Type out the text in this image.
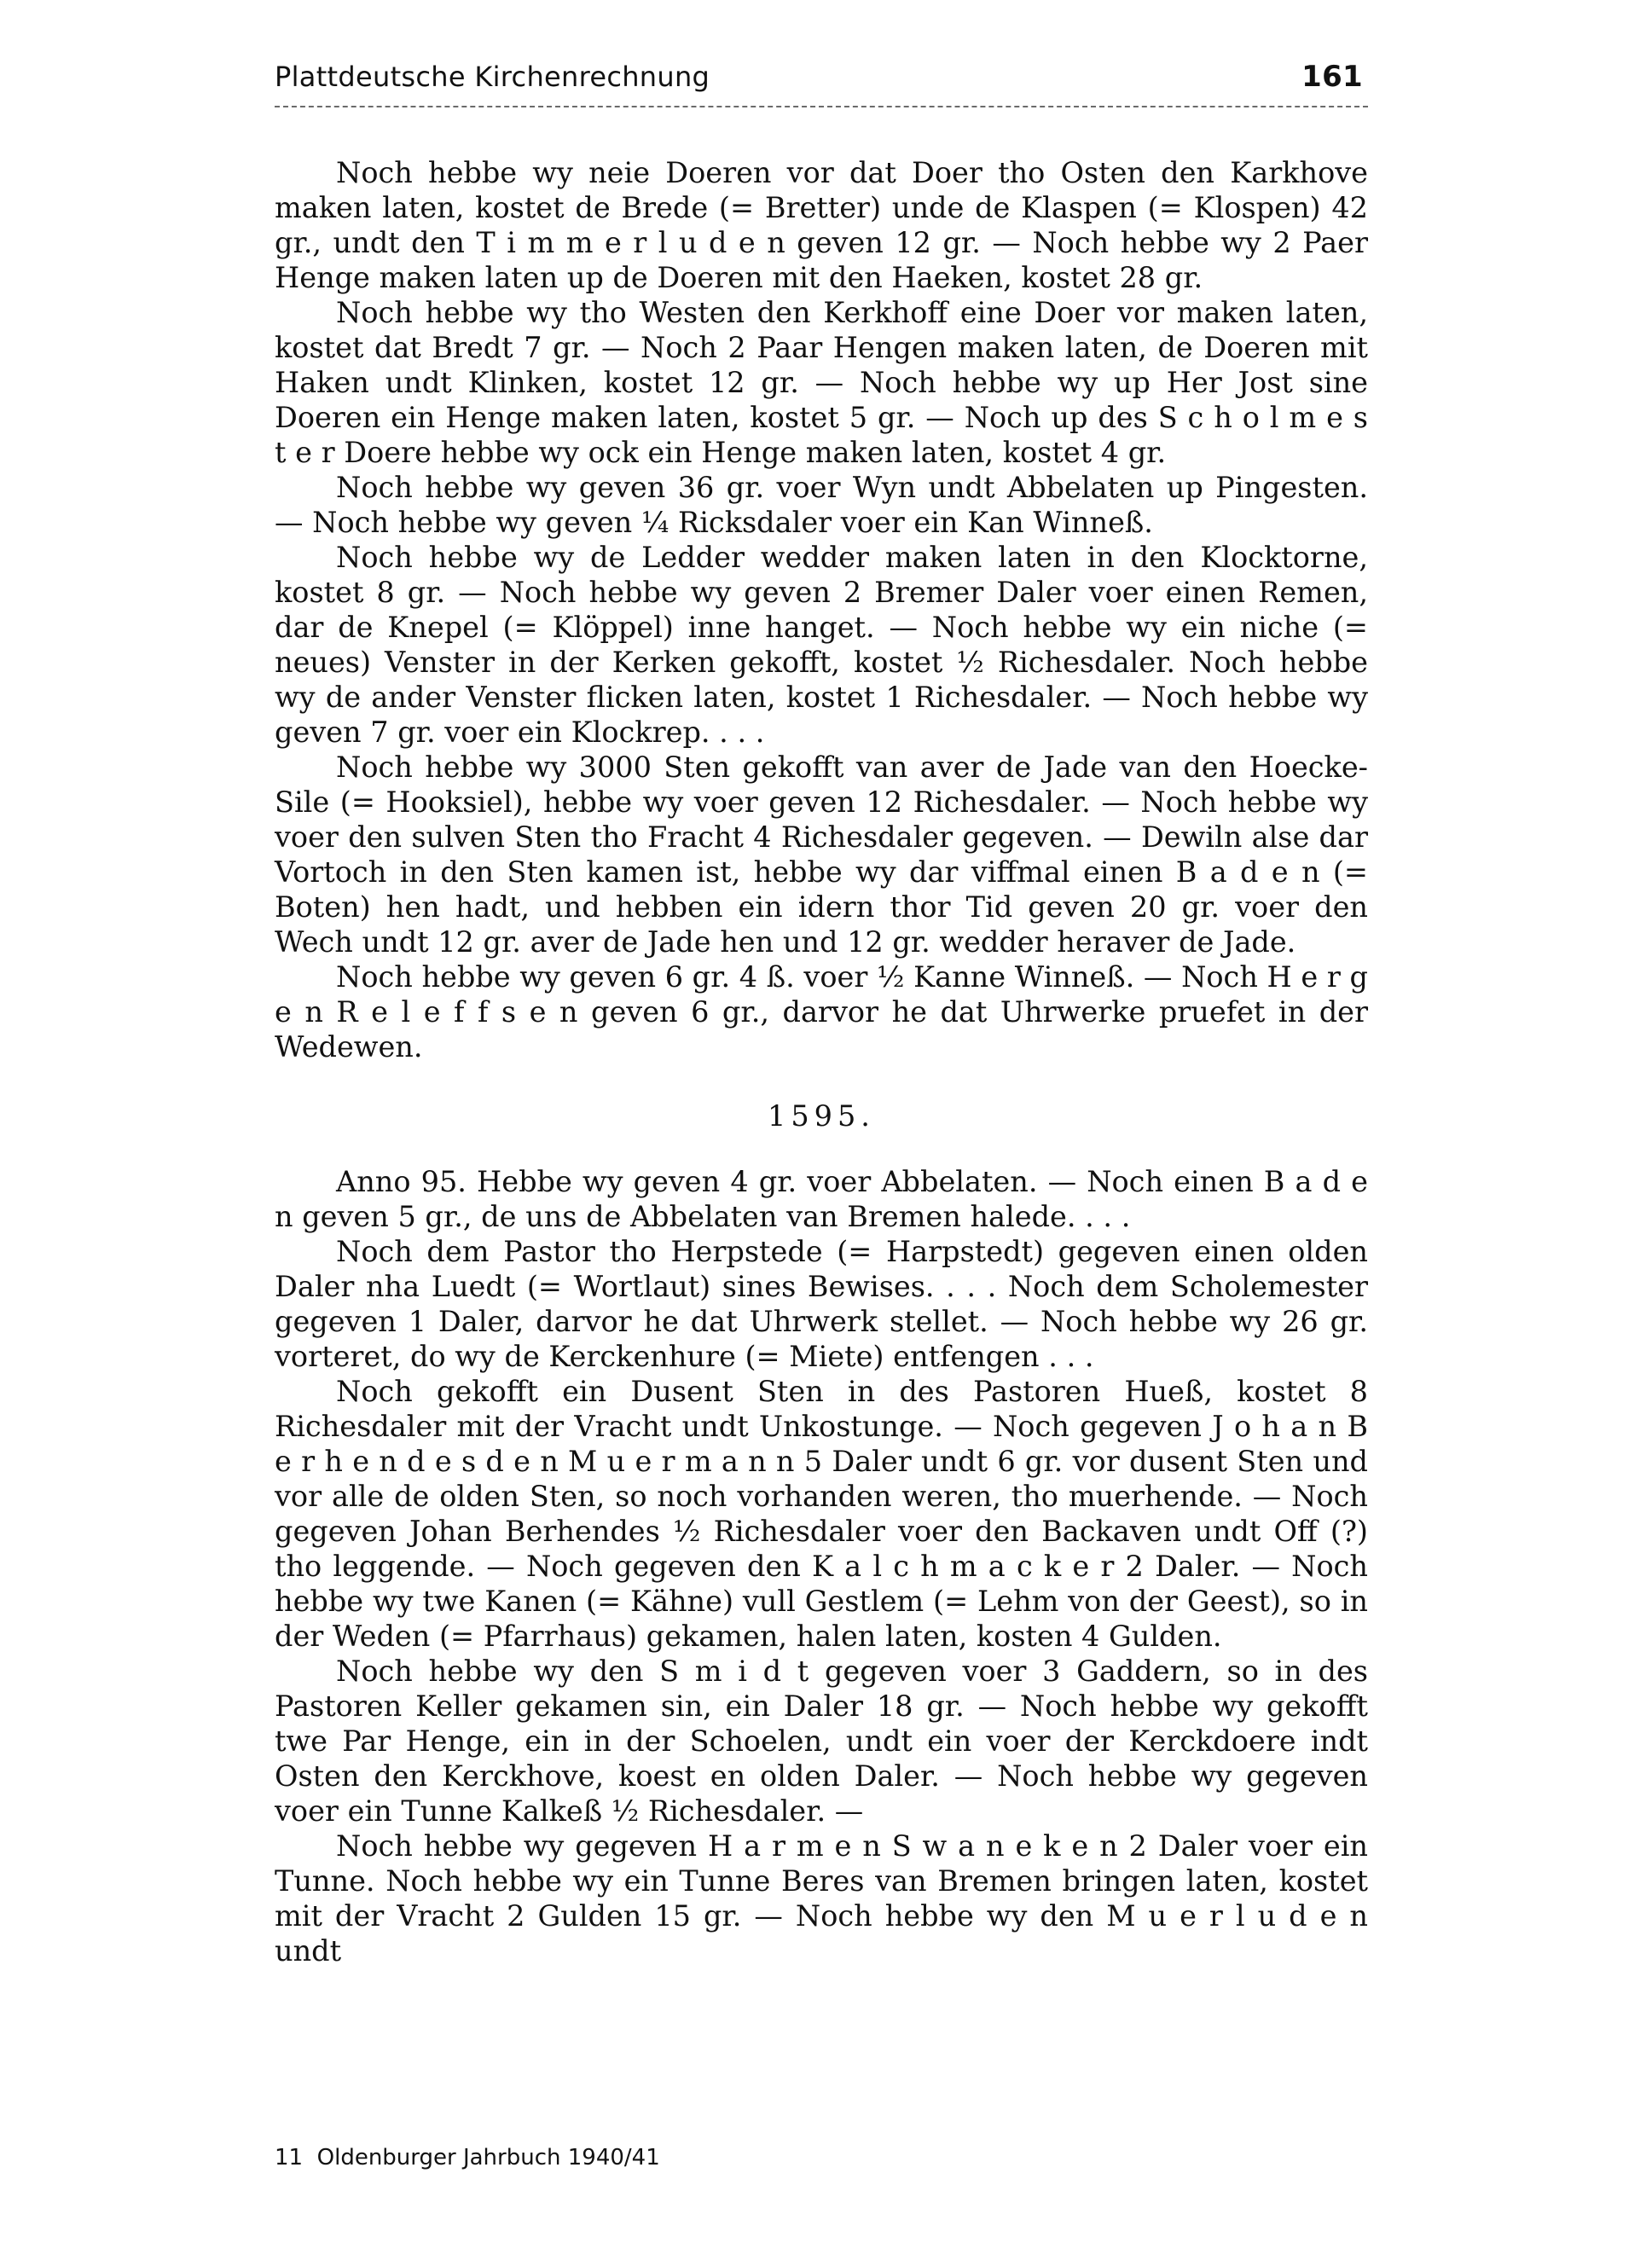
Plattdeutsche Kirchenrechnung	161

Noch hebbe wy neie Doeren vor dat Doer tho Osten den Karkhove maken laten, kostet de Brede (= Bretter) unde de Klaspen (= Klospen) 42 gr., undt den T i m m e r l u d e n geven 12 gr. — Noch hebbe wy 2 Paer Henge maken laten up de Doeren mit den Haeken, kostet 28 gr.

Noch hebbe wy tho Westen den Kerkhoff eine Doer vor maken laten, kostet dat Bredt 7 gr. — Noch 2 Paar Hengen maken laten, de Doeren mit Haken undt Klinken, kostet 12 gr. — Noch hebbe wy up Her Jost sine Doeren ein Henge maken laten, kostet 5 gr. — Noch up des S c h o l m e s t e r Doere hebbe wy ock ein Henge maken laten, kostet 4 gr.

Noch hebbe wy geven 36 gr. voer Wyn undt Abbelaten up Pingesten. — Noch hebbe wy geven ¼ Ricksdaler voer ein Kan Winneß.

Noch hebbe wy de Ledder wedder maken laten in den Klocktorne, kostet 8 gr. — Noch hebbe wy geven 2 Bremer Daler voer einen Remen, dar de Knepel (= Klöppel) inne hanget. — Noch hebbe wy ein niche (= neues) Venster in der Kerken gekofft, kostet ½ Richesdaler. Noch hebbe wy de ander Venster flicken laten, kostet 1 Richesdaler. — Noch hebbe wy geven 7 gr. voer ein Klockrep. . . .

Noch hebbe wy 3000 Sten gekofft van aver de Jade van den Hoecke-Sile (= Hooksiel), hebbe wy voer geven 12 Richesdaler. — Noch hebbe wy voer den sulven Sten tho Fracht 4 Richesdaler gegeven. — Dewiln alse dar Vortoch in den Sten kamen ist, hebbe wy dar viffmal einen B a d e n (= Boten) hen hadt, und hebben ein idern thor Tid geven 20 gr. voer den Wech undt 12 gr. aver de Jade hen und 12 gr. wedder heraver de Jade.

Noch hebbe wy geven 6 gr. 4 ß. voer ½ Kanne Winneß. — Noch H e r g e n R e l e f f s e n geven 6 gr., darvor he dat Uhrwerke pruefet in der Wedewen.

1595.

Anno 95. Hebbe wy geven 4 gr. voer Abbelaten. — Noch einen B a d e n geven 5 gr., de uns de Abbelaten van Bremen halede. . . .

Noch dem Pastor tho Herpstede (= Harpstedt) gegeven einen olden Daler nha Luedt (= Wortlaut) sines Bewises. . . . Noch dem Scholemester gegeven 1 Daler, darvor he dat Uhrwerk stellet. — Noch hebbe wy 26 gr. vorteret, do wy de Kerckenhure (= Miete) entfengen . . .

Noch gekofft ein Dusent Sten in des Pastoren Hueß, kostet 8 Richesdaler mit der Vracht undt Unkostunge. — Noch gegeven J o h a n B e r h e n d e s d e n M u e r m a n n 5 Daler undt 6 gr. vor dusent Sten und vor alle de olden Sten, so noch vorhanden weren, tho muerhende. — Noch gegeven Johan Berhendes ½ Richesdaler voer den Backaven undt Off (?) tho leggende. — Noch gegeven den K a l c h m a c k e r 2 Daler. — Noch hebbe wy twe Kanen (= Kähne) vull Gestlem (= Lehm von der Geest), so in der Weden (= Pfarrhaus) gekamen, halen laten, kosten 4 Gulden.

Noch hebbe wy den S m i d t gegeven voer 3 Gaddern, so in des Pastoren Keller gekamen sin, ein Daler 18 gr. — Noch hebbe wy gekofft twe Par Henge, ein in der Schoelen, undt ein voer der Kerckdoere indt Osten den Kerckhove, koest en olden Daler. — Noch hebbe wy gegeven voer ein Tunne Kalkeß ½ Richesdaler. —

Noch hebbe wy gegeven H a r m e n S w a n e k e n 2 Daler voer ein Tunne. Noch hebbe wy ein Tunne Beres van Bremen bringen laten, kostet mit der Vracht 2 Gulden 15 gr. — Noch hebbe wy den M u e r l u d e n undt

11 Oldenburger Jahrbuch 1940/41
